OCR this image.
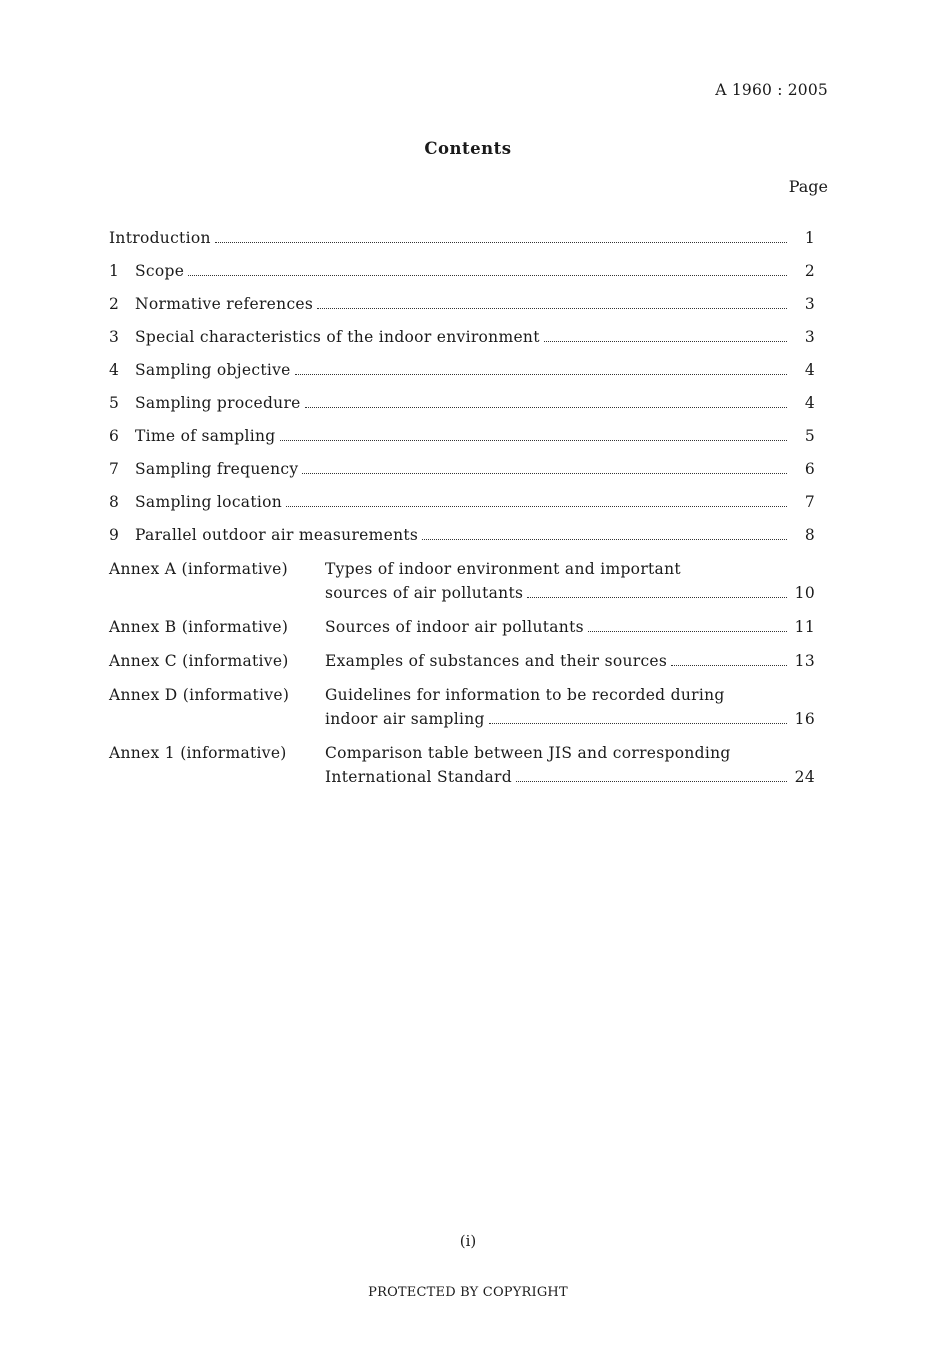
A 1960 : 2005
Contents
Page
Introduction	1
1	Scope	2
2	Normative references	3
3	Special characteristics of the indoor environment	3
4	Sampling objective	4
5	Sampling procedure	4
6	Time of sampling	5
7	Sampling frequency	6
8	Sampling location	7
9	Parallel outdoor air measurements	8
Annex A (informative)	Types of indoor environment and important
sources of air pollutants	10
Annex B (informative)	Sources of indoor air pollutants	11
Annex C (informative)	Examples of substances and their sources	13
Annex D (informative)	Guidelines for information to be recorded during
indoor air sampling	16
Annex 1 (informative)	Comparison table between JIS and corresponding
International Standard	24
(i)
PROTECTED BY COPYRIGHT
